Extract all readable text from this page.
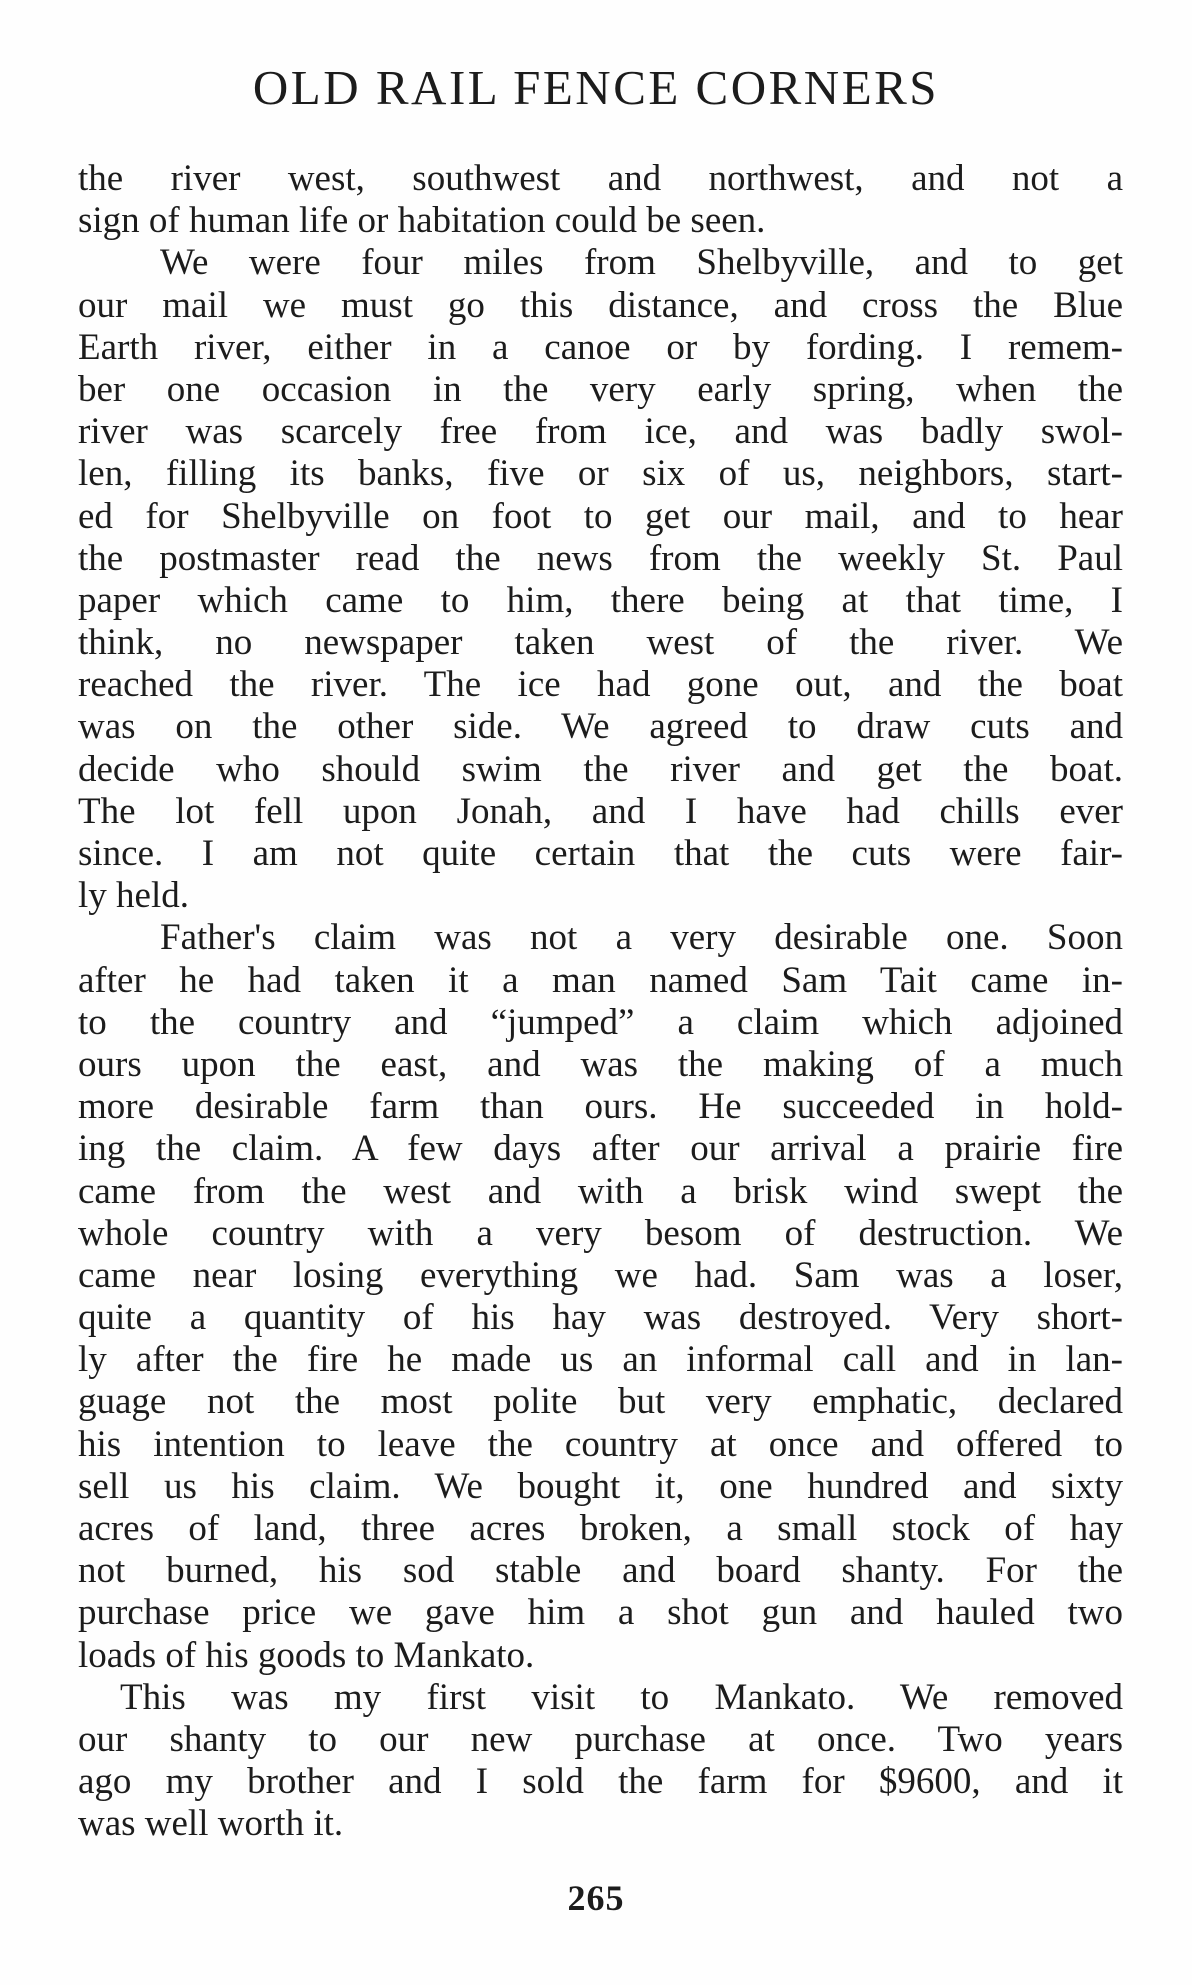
OLD RAIL FENCE CORNERS
the river west, southwest and northwest, and not a
sign of human life or habitation could be seen.
We were four miles from Shelbyville, and to get
our mail we must go this distance, and cross the Blue
Earth river, either in a canoe or by fording. I remem-
ber one occasion in the very early spring, when the
river was scarcely free from ice, and was badly swol-
len, filling its banks, five or six of us, neighbors, start-
ed for Shelbyville on foot to get our mail, and to hear
the postmaster read the news from the weekly St. Paul
paper which came to him, there being at that time, I
think, no newspaper taken west of the river. We
reached the river. The ice had gone out, and the boat
was on the other side. We agreed to draw cuts and
decide who should swim the river and get the boat.
The lot fell upon Jonah, and I have had chills ever
since. I am not quite certain that the cuts were fair-
ly held.
Father's claim was not a very desirable one. Soon
after he had taken it a man named Sam Tait came in-
to the country and “jumped” a claim which adjoined
ours upon the east, and was the making of a much
more desirable farm than ours. He succeeded in hold-
ing the claim. A few days after our arrival a prairie fire
came from the west and with a brisk wind swept the
whole country with a very besom of destruction. We
came near losing everything we had. Sam was a loser,
quite a quantity of his hay was destroyed. Very short-
ly after the fire he made us an informal call and in lan-
guage not the most polite but very emphatic, declared
his intention to leave the country at once and offered to
sell us his claim. We bought it, one hundred and sixty
acres of land, three acres broken, a small stock of hay
not burned, his sod stable and board shanty. For the
purchase price we gave him a shot gun and hauled two
loads of his goods to Mankato.
This was my first visit to Mankato. We removed
our shanty to our new purchase at once. Two years
ago my brother and I sold the farm for $9600, and it
was well worth it.
265
